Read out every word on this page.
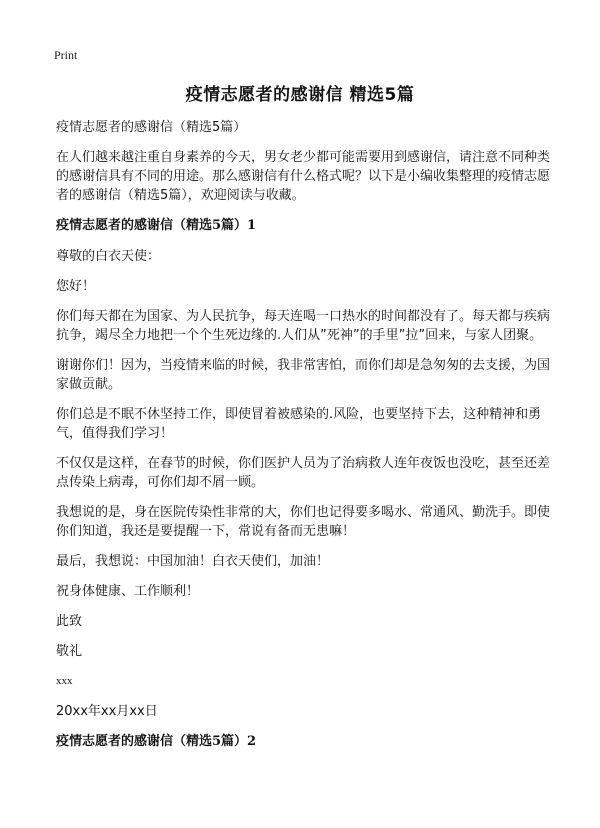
Print
疫情志愿者的感谢信 精选5篇

疫情志愿者的感谢信（精选5篇）

在人们越来越注重自身素养的今天，男女老少都可能需要用到感谢信，请注意不同种类的感谢信具有不同的用途。那么感谢信有什么格式呢？以下是小编收集整理的疫情志愿者的感谢信（精选5篇），欢迎阅读与收藏。

疫情志愿者的感谢信（精选5篇）1

尊敬的白衣天使：

您好！

你们每天都在为国家、为人民抗争，每天连喝一口热水的时间都没有了。每天都与疾病抗争，竭尽全力地把一个个生死边缘的.人们从”死神”的手里”拉”回来，与家人团聚。

谢谢你们！因为，当疫情来临的时候，我非常害怕，而你们却是急匆匆的去支援，为国家做贡献。

你们总是不眠不休坚持工作，即使冒着被感染的.风险，也要坚持下去，这种精神和勇气，值得我们学习！

不仅仅是这样，在春节的时候，你们医护人员为了治病救人连年夜饭也没吃，甚至还差点传染上病毒，可你们却不屑一顾。

我想说的是，身在医院传染性非常的大，你们也记得要多喝水、常通风、勤洗手。即使你们知道，我还是要提醒一下，常说有备而无患嘛！

最后，我想说：中国加油！白衣天使们，加油！

祝身体健康、工作顺利！

此致

敬礼

xxx

20xx年xx月xx日

疫情志愿者的感谢信（精选5篇）2
